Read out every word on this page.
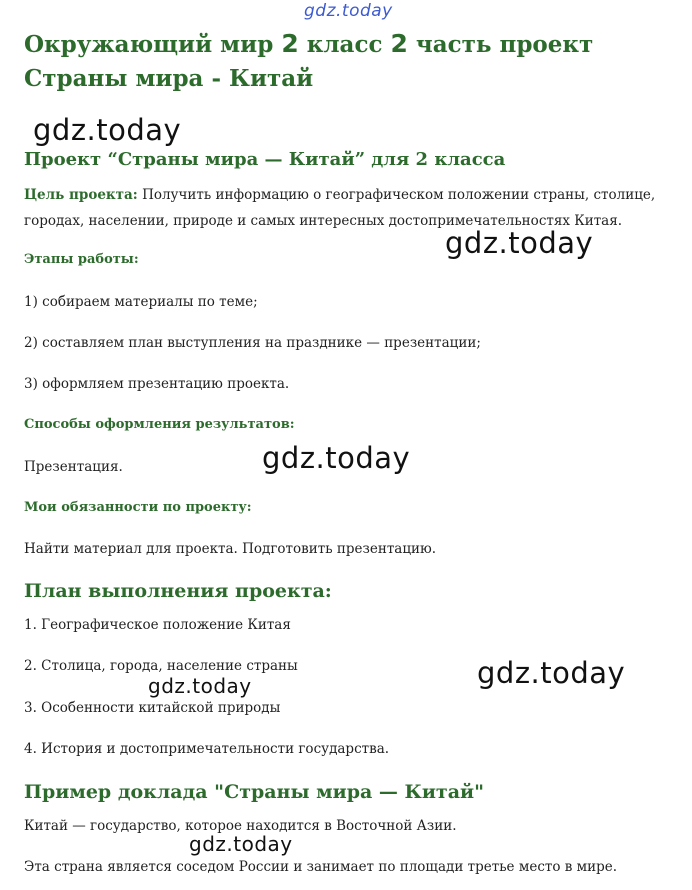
gdz.today
Окружающий мир 2 класс 2 часть проект Страны мира - Китай
gdz.today
Проект “Страны мира — Китай” для 2 класса

Цель проекта: Получить информацию о географическом положении страны, столице, городах, населении, природе и самых интересных достопримечательностях Китая.

gdz.today

Этапы работы:

1) собираем материалы по теме;

2) составляем план выступления на празднике — презентации;

3) оформляем презентацию проекта.

Способы оформления результатов:

Презентация.	gdz.today

Мои обязанности по проекту:

Найти материал для проекта. Подготовить презентацию.

План выполнения проекта:

1. Географическое положение Китая

2. Столица, города, население страны	gdz.today
gdz.today

3. Особенности китайской природы

4. История и достопримечательности государства.

Пример доклада "Страны мира — Китай"

Китай — государство, которое находится в Восточной Азии.

gdz.today

Эта страна является соседом России и занимает по площади третье место в мире.
